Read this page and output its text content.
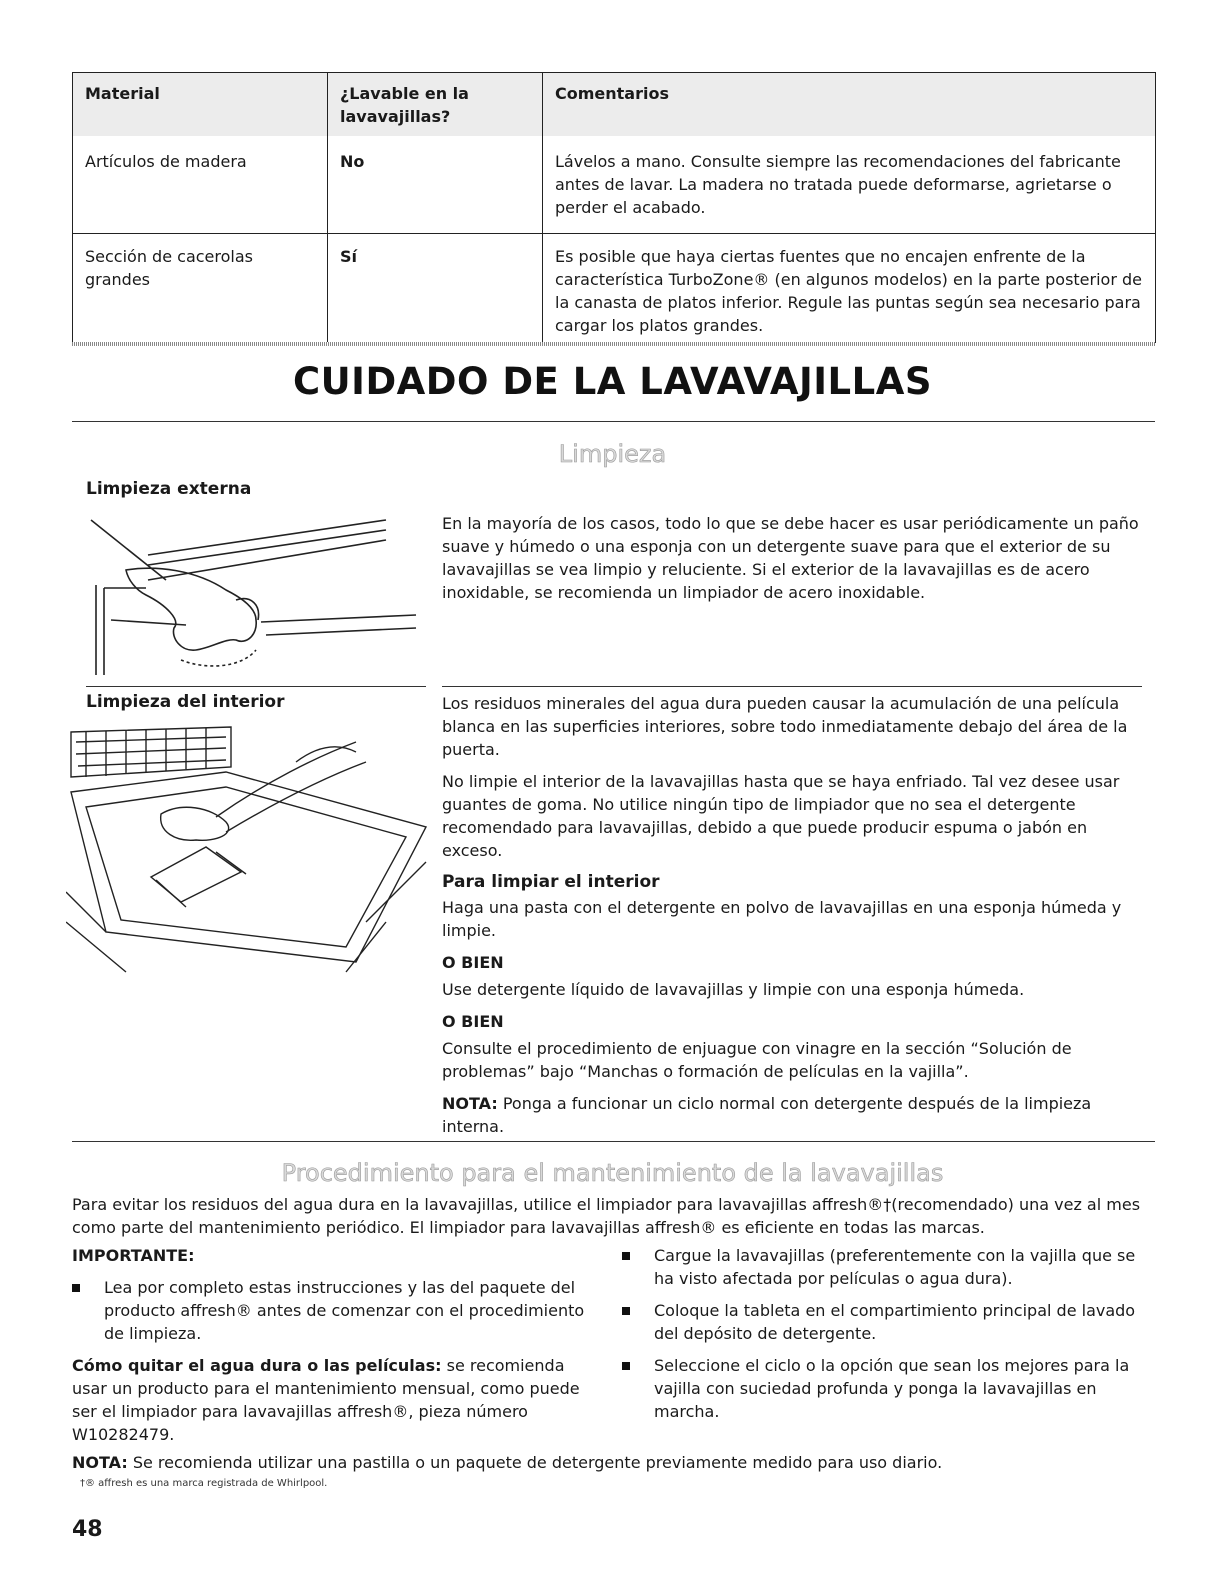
Material	¿Lavable en la lavavajillas?	Comentarios
Artículos de madera	No	Lávelos a mano. Consulte siempre las recomendaciones del fabricante antes de lavar. La madera no tratada puede deformarse, agrietarse o perder el acabado.
Sección de cacerolas grandes	Sí	Es posible que haya ciertas fuentes que no encajen enfrente de la característica TurboZone® (en algunos modelos) en la parte posterior de la canasta de platos inferior. Regule las puntas según sea necesario para cargar los platos grandes.
CUIDADO DE LA LAVAVAJILLAS
Limpieza
Limpieza externa
En la mayoría de los casos, todo lo que se debe hacer es usar periódicamente un paño suave y húmedo o una esponja con un detergente suave para que el exterior de su lavavajillas se vea limpio y reluciente. Si el exterior de la lavavajillas es de acero inoxidable, se recomienda un limpiador de acero inoxidable.
Limpieza del interior	Los residuos minerales del agua dura pueden causar la acumulación de una película blanca en las superficies interiores, sobre todo inmediatamente debajo del área de la puerta.

No limpie el interior de la lavavajillas hasta que se haya enfriado. Tal vez desee usar guantes de goma. No utilice ningún tipo de limpiador que no sea el detergente recomendado para lavavajillas, debido a que puede producir espuma o jabón en exceso.

Para limpiar el interior

Haga una pasta con el detergente en polvo de lavavajillas en una esponja húmeda y limpie.

O BIEN

Use detergente líquido de lavavajillas y limpie con una esponja húmeda.

O BIEN

Consulte el procedimiento de enjuague con vinagre en la sección “Solución de problemas” bajo “Manchas o formación de películas en la vajilla”.

NOTA: Ponga a funcionar un ciclo normal con detergente después de la limpieza interna.

Procedimiento para el mantenimiento de la lavavajillas
Para evitar los residuos del agua dura en la lavavajillas, utilice el limpiador para lavavajillas affresh®†(recomendado) una vez al mes como parte del mantenimiento periódico. El limpiador para lavavajillas affresh® es eficiente en todas las marcas.

IMPORTANTE:

Lea por completo estas instrucciones y las del paquete del producto affresh® antes de comenzar con el procedimiento de limpieza.

Cómo quitar el agua dura o las películas: se recomienda usar un producto para el mantenimiento mensual, como puede ser el limpiador para lavavajillas affresh®, pieza número W10282479.

Cargue la lavavajillas (preferentemente con la vajilla que se ha visto afectada por películas o agua dura).
Coloque la tableta en el compartimiento principal de lavado del depósito de detergente.
Seleccione el ciclo o la opción que sean los mejores para la vajilla con suciedad profunda y ponga la lavavajillas en marcha.
NOTA: Se recomienda utilizar una pastilla o un paquete de detergente previamente medido para uso diario.
†® affresh es una marca registrada de Whirlpool.
48
